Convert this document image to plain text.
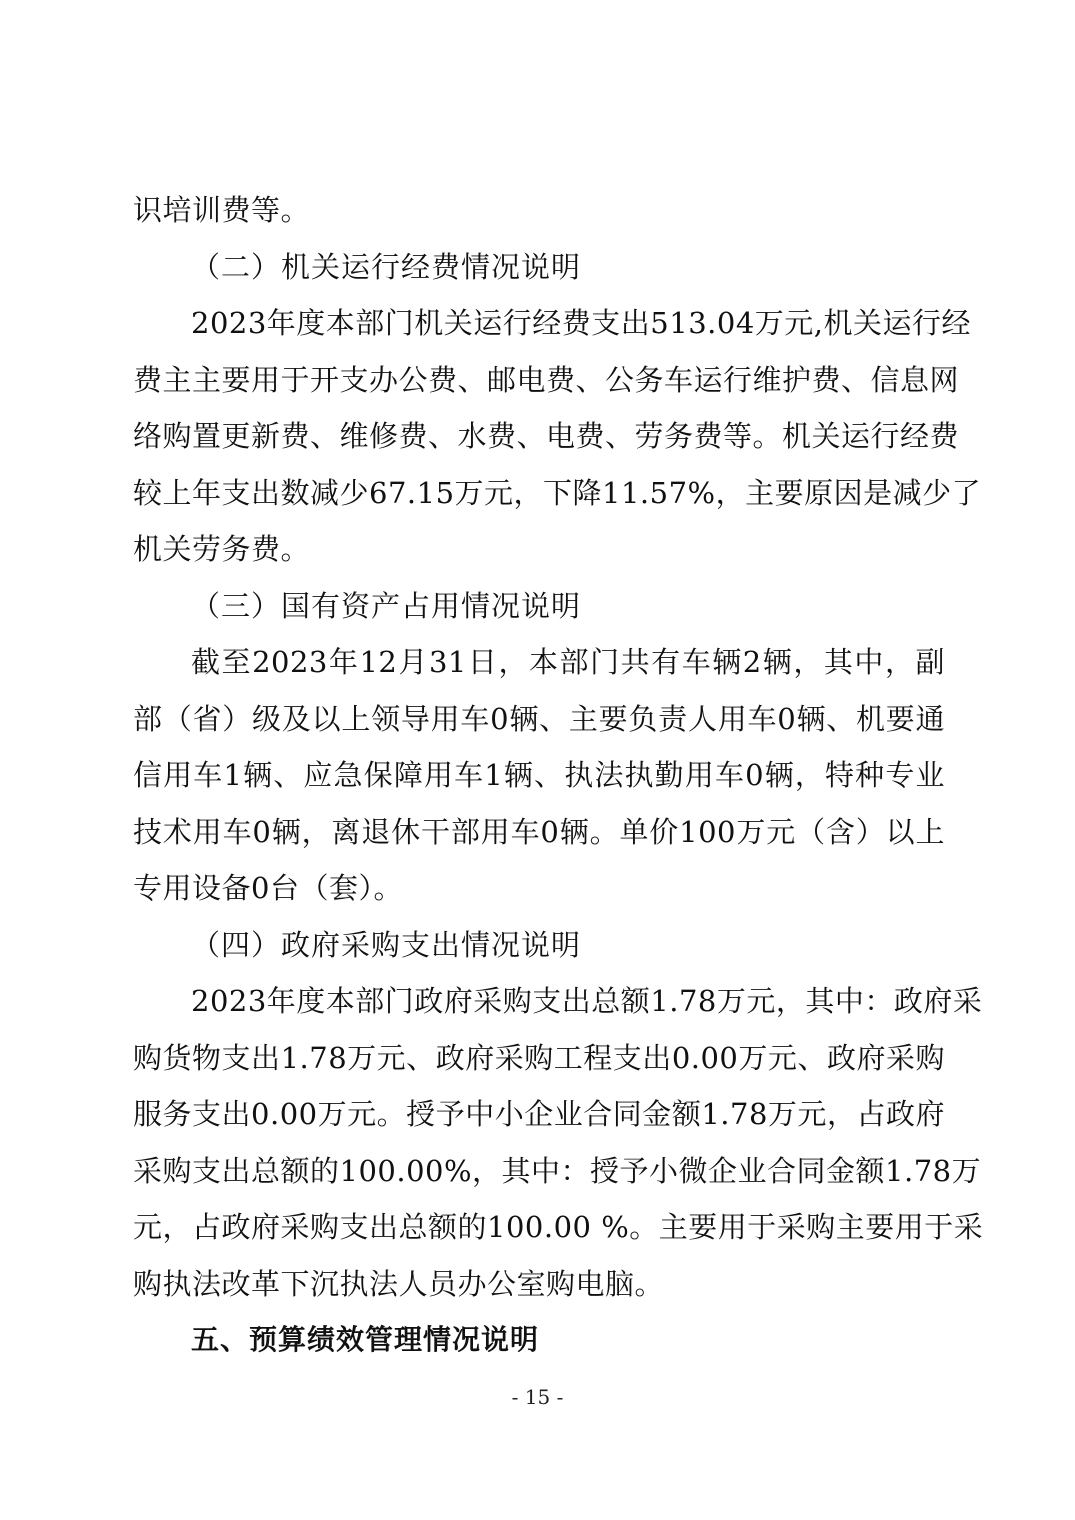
识培训费等。
（二）机关运行经费情况说明
2023年度本部门机关运行经费支出513.04万元,机关运行经
费主主要用于开支办公费、邮电费、公务车运行维护费、信息网
络购置更新费、维修费、水费、电费、劳务费等。机关运行经费
较上年支出数减少67.15万元，下降11.57%，主要原因是减少了
机关劳务费。
（三）国有资产占用情况说明
截至2023年12月31日，本部门共有车辆2辆，其中，副
部（省）级及以上领导用车0辆、主要负责人用车0辆、机要通
信用车1辆、应急保障用车1辆、执法执勤用车0辆，特种专业
技术用车0辆，离退休干部用车0辆。单价100万元（含）以上
专用设备0台（套）。
（四）政府采购支出情况说明
2023年度本部门政府采购支出总额1.78万元，其中：政府采
购货物支出1.78万元、政府采购工程支出0.00万元、政府采购
服务支出0.00万元。授予中小企业合同金额1.78万元，占政府
采购支出总额的100.00%，其中：授予小微企业合同金额1.78万
元，占政府采购支出总额的100.00 %。主要用于采购主要用于采
购执法改革下沉执法人员办公室购电脑。
五、预算绩效管理情况说明
- 15 -
